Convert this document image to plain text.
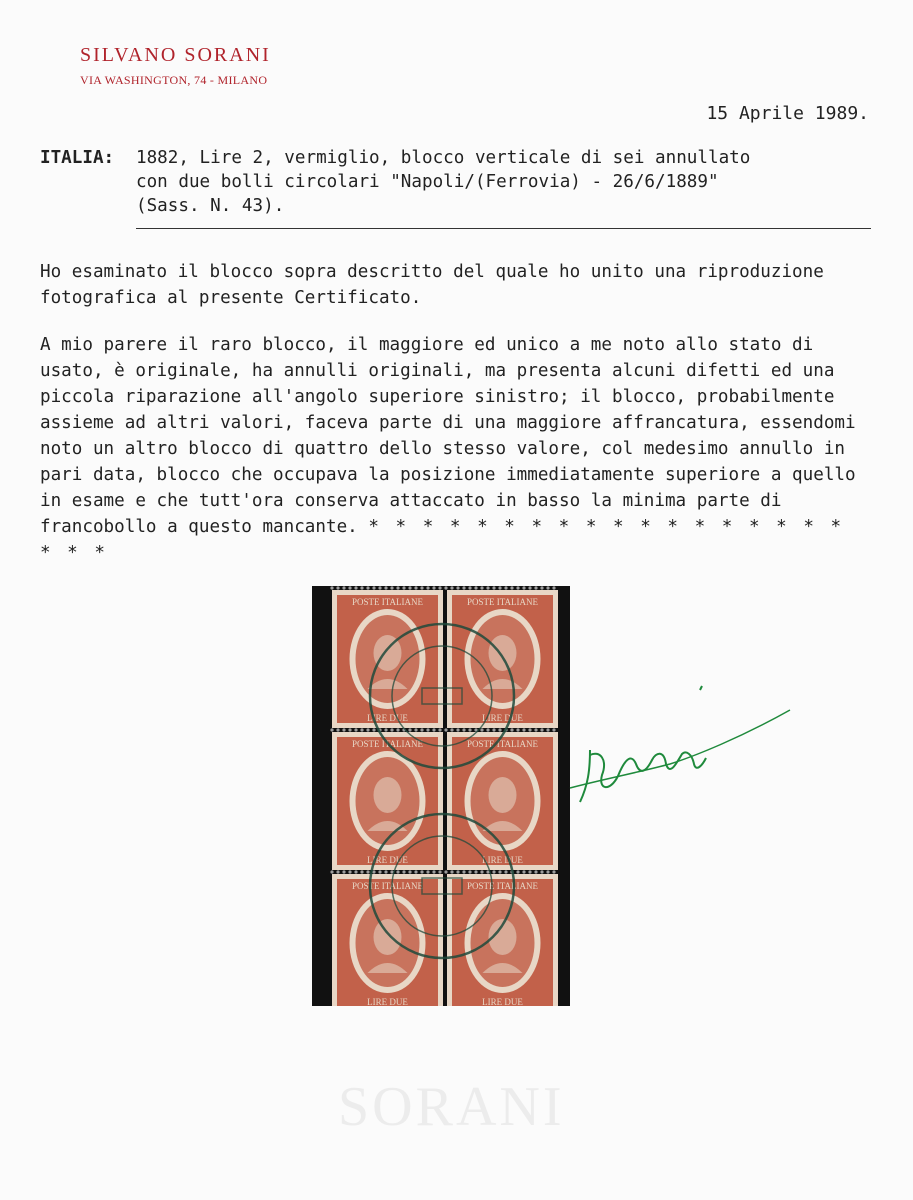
SILVANO SORANI
VIA WASHINGTON, 74 - MILANO
15 Aprile 1989.
ITALIA: 1882, Lire 2, vermiglio, blocco verticale di sei annullato
con due bolli circolari "Napoli/(Ferrovia) - 26/6/1889"
(Sass. N. 43).
Ho esaminato il blocco sopra descritto del quale ho unito una riproduzione fotografica al presente Certificato.
A mio parere il raro blocco, il maggiore ed unico a me noto allo stato di usato, è originale, ha annulli originali, ma presenta alcuni difetti ed una piccola riparazione all'angolo superiore sinistro; il blocco, probabilmente assieme ad altri valori, faceva parte di una maggiore affrancatura, essendomi noto un altro blocco di quattro dello stesso valore, col medesimo annullo in pari data, blocco che occupava la posizione immediatamente superiore a quello in esame e che tutt'ora conserva attaccato in basso la minima parte di francobollo a questo mancante. * * * * * * * * * * * * * * * * * * * * *
POSTE ITALIANE
LIRE DUE
POSTE ITALIANE
LIRE DUE
POSTE ITALIANE
LIRE DUE
POSTE ITALIANE
LIRE DUE
POSTE ITALIANE
LIRE DUE
POSTE ITALIANE
LIRE DUE
SORANI
